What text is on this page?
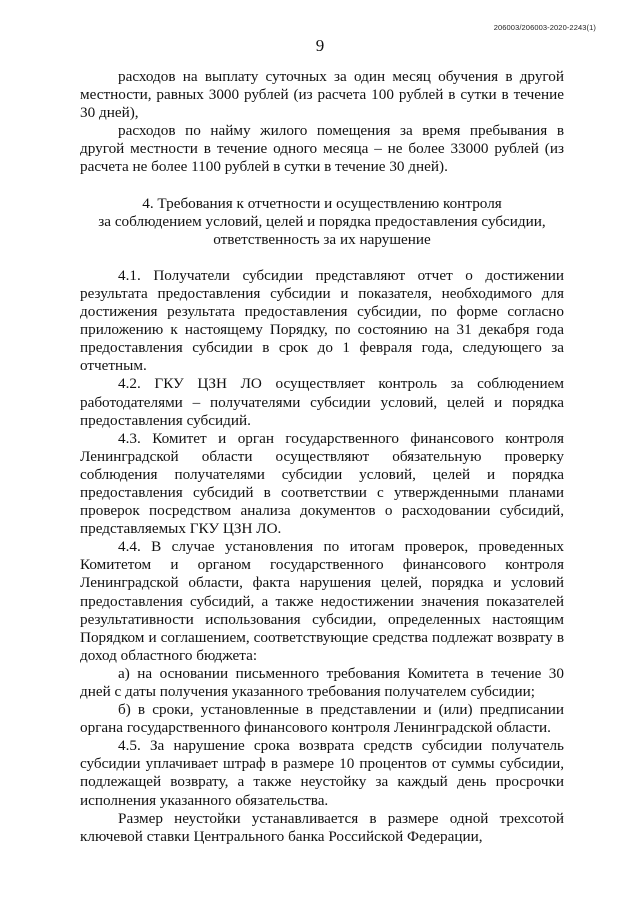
206003/206003-2020-2243(1)
9

расходов на выплату суточных за один месяц обучения в другой местности, равных 3000 рублей (из расчета 100 рублей в сутки в течение 30 дней),

расходов по найму жилого помещения за время пребывания в другой местности в течение одного месяца – не более 33000 рублей (из расчета не более 1100 рублей в сутки в течение 30 дней).

4. Требования к отчетности и осуществлению контроля
за соблюдением условий, целей и порядка предоставления субсидии,
ответственность за их нарушение

4.1. Получатели субсидии представляют отчет о достижении результата предоставления субсидии и показателя, необходимого для достижения результата предоставления субсидии, по форме согласно приложению к настоящему Порядку, по состоянию на 31 декабря года предоставления субсидии в срок до 1 февраля года, следующего за отчетным.

4.2. ГКУ ЦЗН ЛО осуществляет контроль за соблюдением работодателями – получателями субсидии условий, целей и порядка предоставления субсидий.

4.3. Комитет и орган государственного финансового контроля Ленинградской области осуществляют обязательную проверку соблюдения получателями субсидии условий, целей и порядка предоставления субсидий в соответствии с утвержденными планами проверок посредством анализа документов о расходовании субсидий, представляемых ГКУ ЦЗН ЛО.

4.4. В случае установления по итогам проверок, проведенных Комитетом и органом государственного финансового контроля Ленинградской области, факта нарушения целей, порядка и условий предоставления субсидий, а также недостижении значения показателей результативности использования субсидии, определенных настоящим Порядком и соглашением, соответствующие средства подлежат возврату в доход областного бюджета:

а) на основании письменного требования Комитета в течение 30 дней с даты получения указанного требования получателем субсидии;

б) в сроки, установленные в представлении и (или) предписании органа государственного финансового контроля Ленинградской области.

4.5. За нарушение срока возврата средств субсидии получатель субсидии уплачивает штраф в размере 10 процентов от суммы субсидии, подлежащей возврату, а также неустойку за каждый день просрочки исполнения указанного обязательства.

Размер неустойки устанавливается в размере одной трехсотой ключевой ставки Центрального банка Российской Федерации,
